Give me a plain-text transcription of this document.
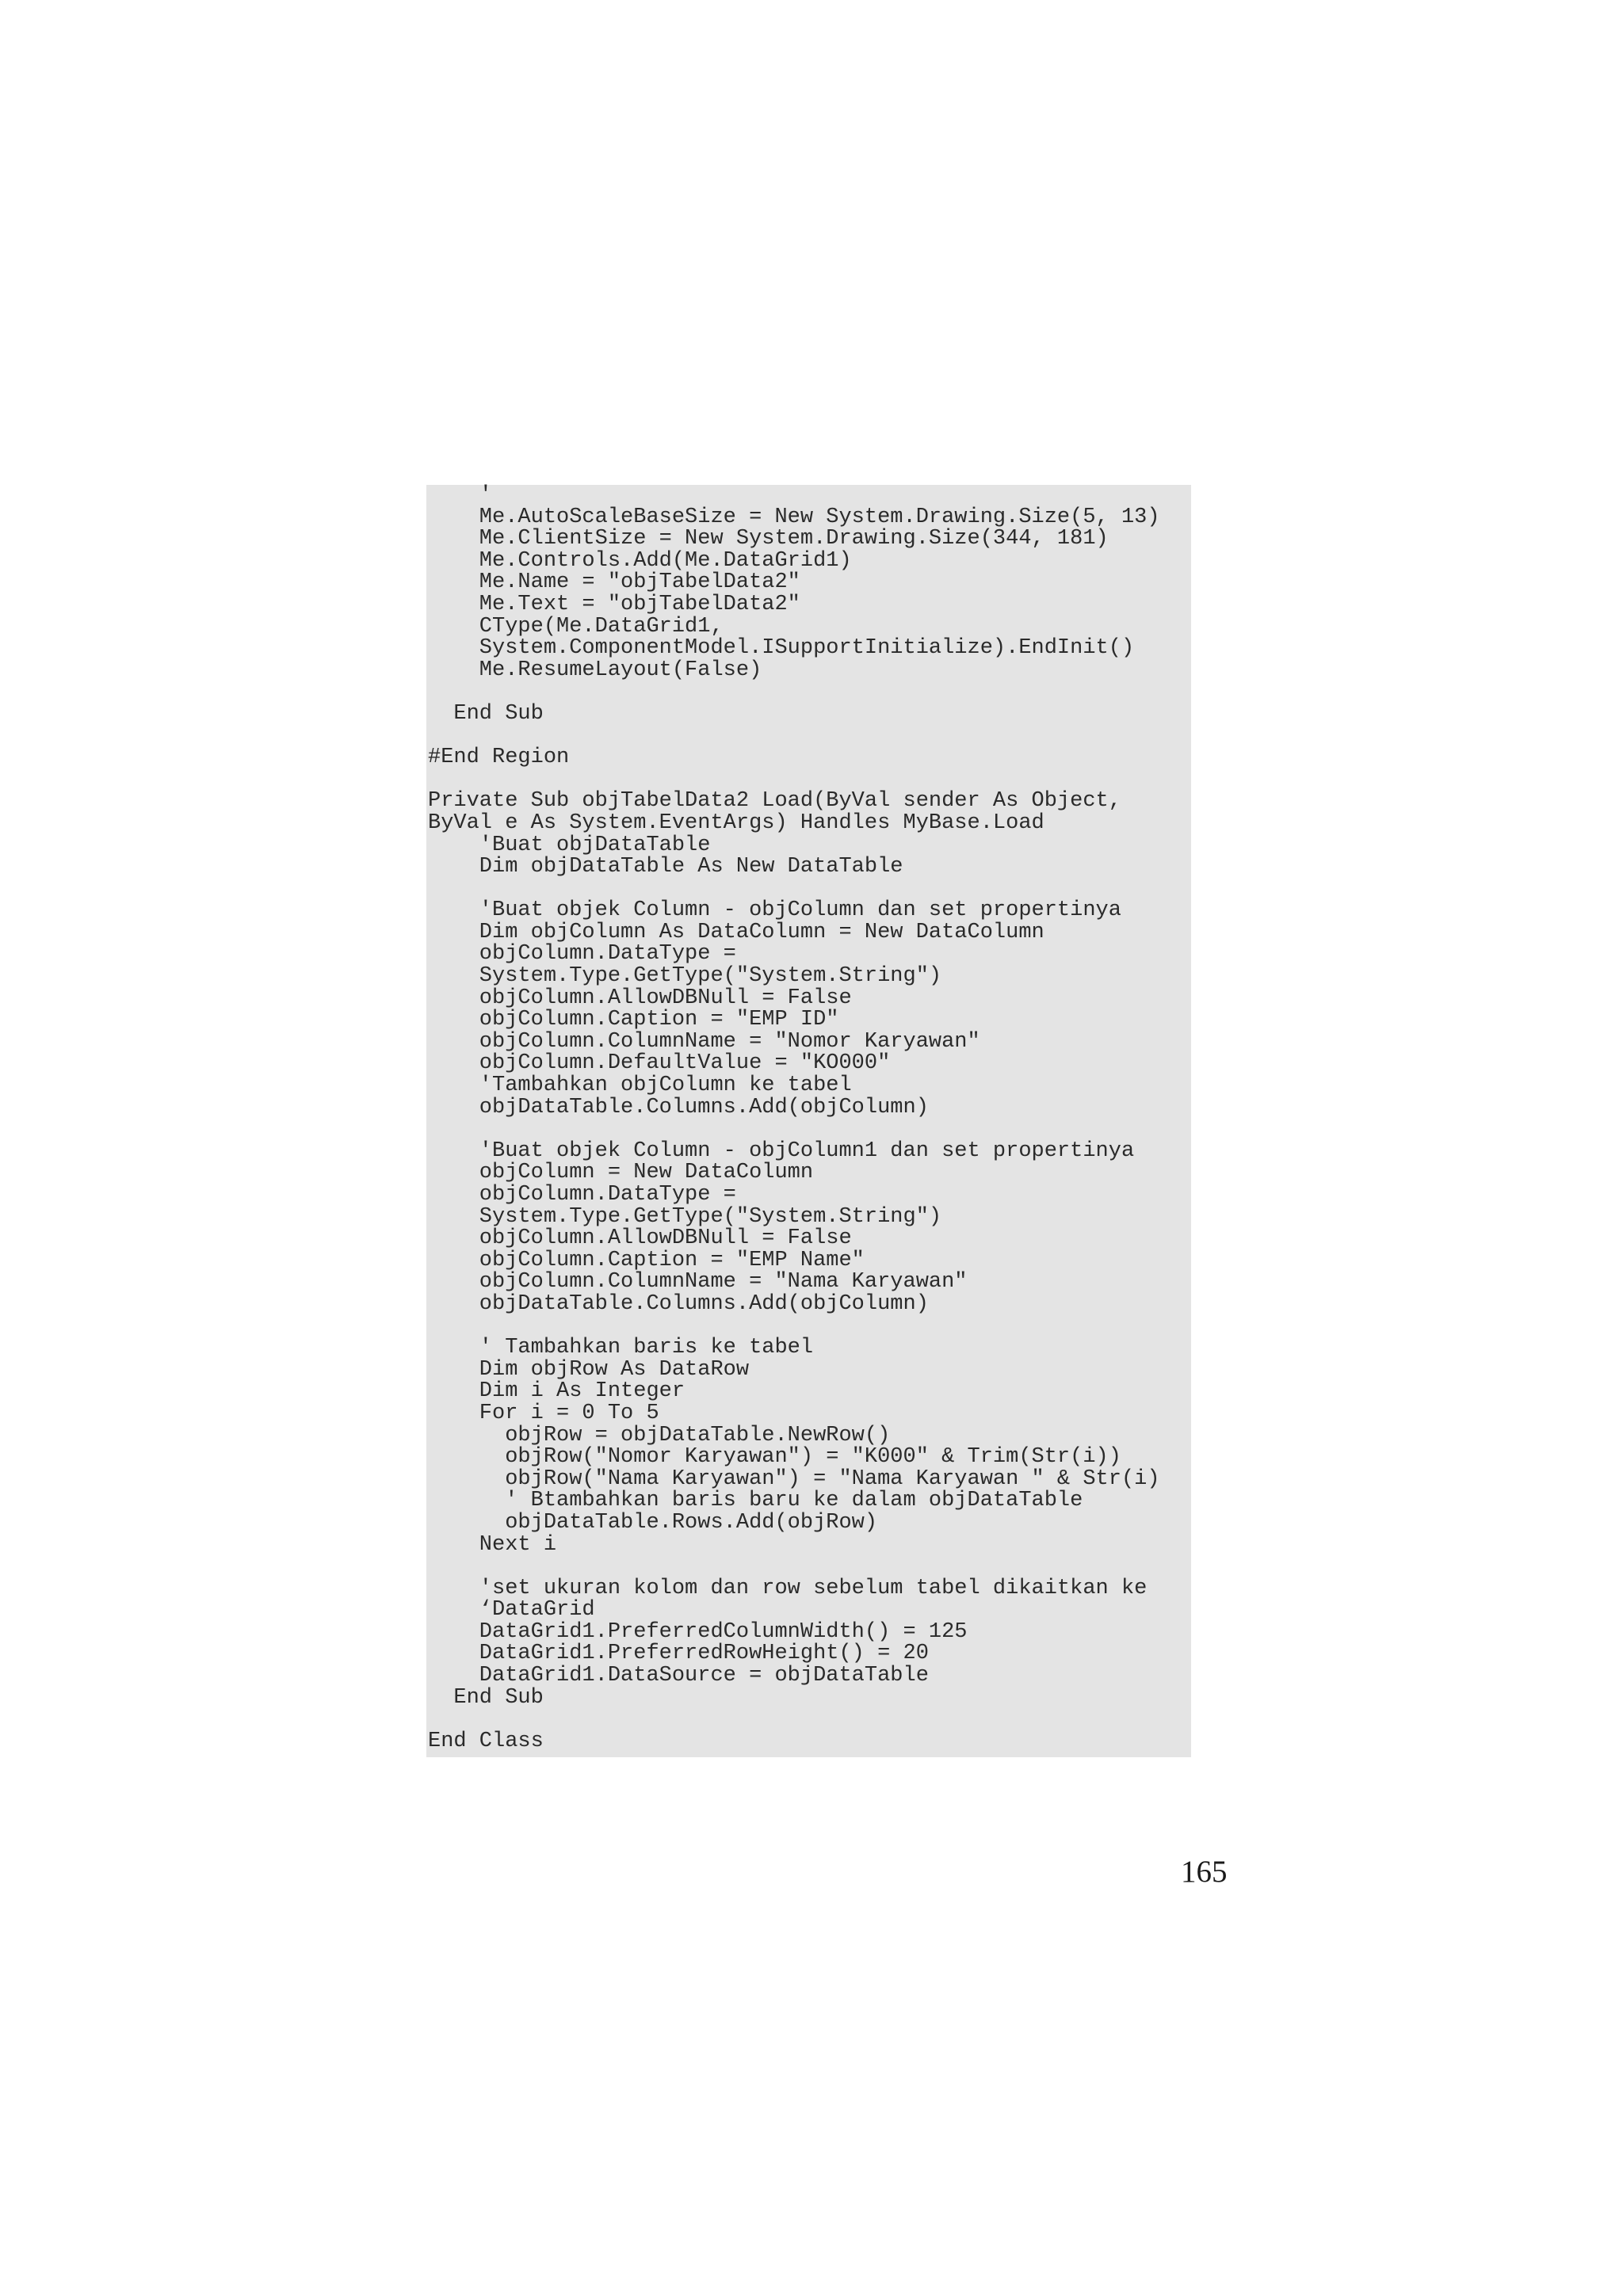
'
Me.AutoScaleBaseSize = New System.Drawing.Size(5, 13)
Me.ClientSize = New System.Drawing.Size(344, 181)
Me.Controls.Add(Me.DataGrid1)
Me.Name = "objTabelData2"
Me.Text = "objTabelData2"
CType(Me.DataGrid1,
System.ComponentModel.ISupportInitialize).EndInit()
Me.ResumeLayout(False)
End Sub
#End Region
Private Sub objTabelData2 Load(ByVal sender As Object,
ByVal e As System.EventArgs) Handles MyBase.Load
'Buat objDataTable
Dim objDataTable As New DataTable
'Buat objek Column - objColumn dan set propertinya
Dim objColumn As DataColumn = New DataColumn
objColumn.DataType =
System.Type.GetType("System.String")
objColumn.AllowDBNull = False
objColumn.Caption = "EMP ID"
objColumn.ColumnName = "Nomor Karyawan"
objColumn.DefaultValue = "KO000"
'Tambahkan objColumn ke tabel
objDataTable.Columns.Add(objColumn)
'Buat objek Column - objColumn1 dan set propertinya
objColumn = New DataColumn
objColumn.DataType =
System.Type.GetType("System.String")
objColumn.AllowDBNull = False
objColumn.Caption = "EMP Name"
objColumn.ColumnName = "Nama Karyawan"
objDataTable.Columns.Add(objColumn)
' Tambahkan baris ke tabel
Dim objRow As DataRow
Dim i As Integer
For i = 0 To 5
objRow = objDataTable.NewRow()
objRow("Nomor Karyawan") = "K000" & Trim(Str(i))
objRow("Nama Karyawan") = "Nama Karyawan " & Str(i)
' Btambahkan baris baru ke dalam objDataTable
objDataTable.Rows.Add(objRow)
Next i
'set ukuran kolom dan row sebelum tabel dikaitkan ke
‘DataGrid
DataGrid1.PreferredColumnWidth() = 125
DataGrid1.PreferredRowHeight() = 20
DataGrid1.DataSource = objDataTable
End Sub
End Class
165
